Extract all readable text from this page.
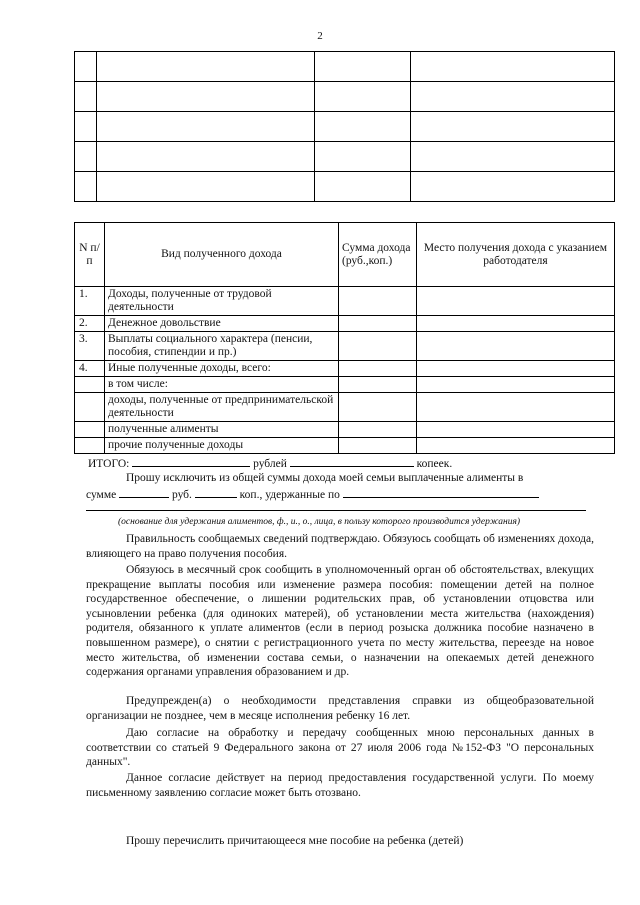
2

N п/п	Вид полученного дохода	Сумма дохода (руб.,коп.)	Место получения дохода с указанием работодателя
1.	Доходы, полученные от трудовой деятельности		
2.	Денежное довольствие		
3.	Выплаты социального характера (пенсии, пособия, стипендии и пр.)		
4.	Иные полученные доходы, всего:		
	в том числе:		
	доходы, полученные от предпринимательской деятельности		
	полученные алименты		
	прочие полученные доходы		
ИТОГО:	рублей	копеек.
Прошу исключить из общей суммы дохода моей семьи выплаченные алименты в
сумме	руб.	коп., удержанные по
(основание для удержания алиментов, ф., и., о., лица, в пользу которого производится удержания)
Правильность сообщаемых сведений подтверждаю. Обязуюсь сообщать об изменениях дохода, влияющего на право получения пособия.
Обязуюсь в месячный срок сообщить в уполномоченный орган об обстоятельствах, влекущих прекращение выплаты пособия или изменение размера пособия: помещении детей на полное государственное обеспечение, о лишении родительских прав, об установлении отцовства или усыновлении ребенка (для одиноких матерей), об установлении места жительства (нахождения) родителя, обязанного к уплате алиментов (если в период розыска должника пособие назначено в повышенном размере), о снятии с регистрационного учета по месту жительства, переезде на новое место жительства, об изменении состава семьи, о назначении на опекаемых детей денежного содержания органами управления образованием и др.
Предупрежден(а) о необходимости представления справки из общеобразовательной организации не позднее, чем в месяце исполнения ребенку 16 лет.
Даю согласие на обработку и передачу сообщенных мною персональных данных в соответствии со статьей 9 Федерального закона от 27 июля 2006 года №152-ФЗ "О персональных данных".
Данное согласие действует на период предоставления государственной услуги. По моему письменному заявлению согласие может быть отозвано.
Прошу перечислить причитающееся мне пособие на ребенка (детей)
